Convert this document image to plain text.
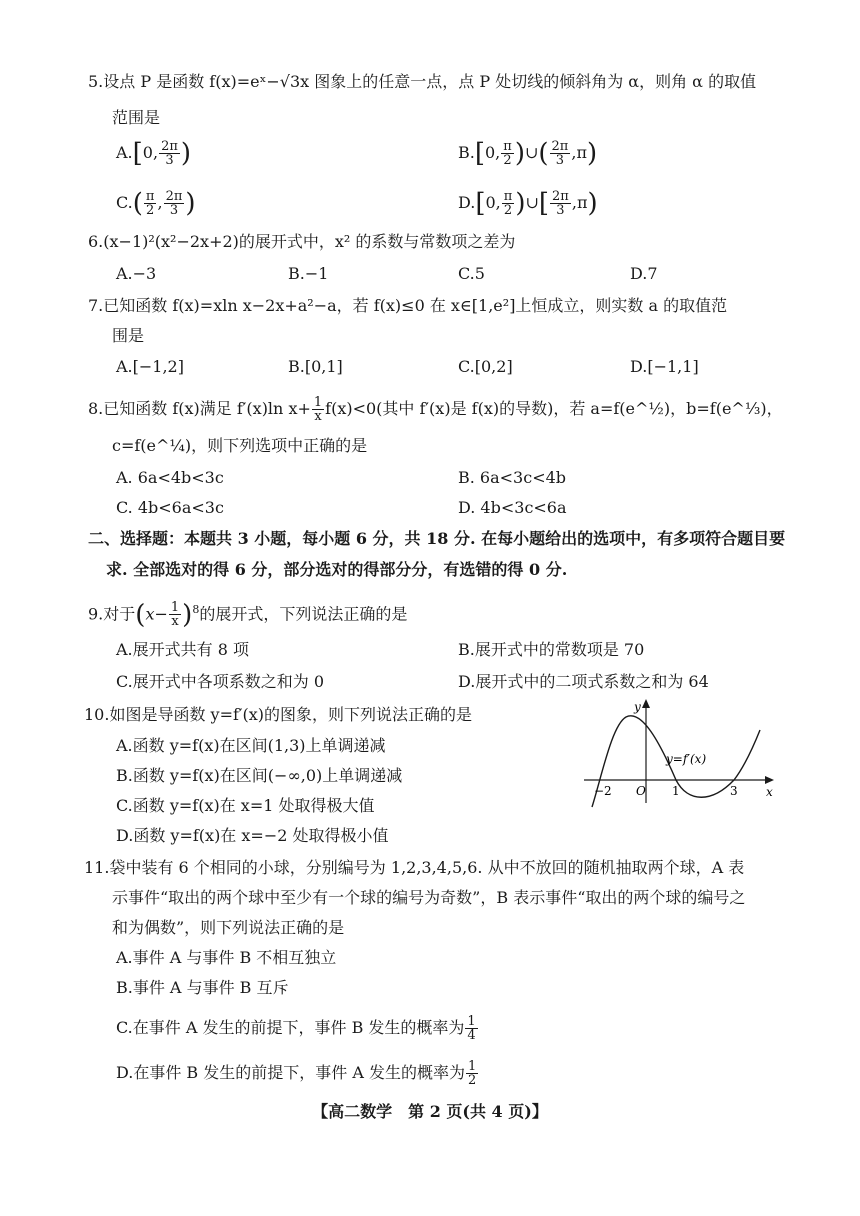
5.设点 P 是函数 f(x)=eˣ−√3x 图象上的任意一点，点 P 处切线的倾斜角为 α，则角 α 的取值
范围是
A.[0, $\frac{2\pi}{3}$ )	B.[0, $\frac{\pi}{2}$ )∪( $\frac{2\pi}{3} ,\pi$)
$C.( \frac{\pi}{2}$ , $\frac{2\pi}{3}$ )	D.[0, $\frac{\pi}{2}$ )∪[ $\frac{2\pi}{3} ,\pi$)
6.(x−1)²(x²−2x+2)的展开式中，x² 的系数与常数项之差为
A.−3	B.−1	C.5	D.7
7.已知函数 f(x)=xln x−2x+a²−a，若 f(x)≤0 在 x∈[1,e²]上恒成立，则实数 a 的取值范
围是
A.[−1,2]	B.[0,1]	C.[0,2]	D.[−1,1]
8.已知函数 f(x)满足 f′(x)ln $x+ \frac{1}{x} f(x)<0$(其中 f′(x)是 f(x)的导数)，若 a=f(e^½)，b=f(e^⅓)，
c=f(e^¼)，则下列选项中正确的是
A. 6a<4b<3c	B. 6a<3c<4b
C. 4b<6a<3c	D. 4b<3c<6a
二、选择题：本题共 3 小题，每小题 6 分，共 18 分. 在每小题给出的选项中，有多项符合题目要
求. 全部选对的得 6 分，部分选对的得部分分，有选错的得 0 分.
9.对于$(x- \frac{1}{x} )^8$的展开式，下列说法正确的是
A.展开式共有 8 项	B.展开式中的常数项是 70
C.展开式中各项系数之和为 0	D.展开式中的二项式系数之和为 64
10.如图是导函数 y=f′(x)的图象，则下列说法正确的是
A.函数 y=f(x)在区间(1,3)上单调递减
B.函数 y=f(x)在区间(−∞,0)上单调递减
C.函数 y=f(x)在 x=1 处取得极大值
D.函数 y=f(x)在 x=−2 处取得极小值
y
x
y=f′(x)
O
−2	1	3
11.袋中装有 6 个相同的小球，分别编号为 1,2,3,4,5,6. 从中不放回的随机抽取两个球，A 表
示事件“取出的两个球中至少有一个球的编号为奇数”，B 表示事件“取出的两个球的编号之
和为偶数”，则下列说法正确的是
A.事件 A 与事件 B 不相互独立
B.事件 A 与事件 B 互斥
C.在事件 A 发生的前提下，事件 B 发生的概率为 $\frac{1}{4}$
D.在事件 B 发生的前提下，事件 A 发生的概率为 $\frac{1}{2}$
【高二数学　第 2 页(共 4 页)】
